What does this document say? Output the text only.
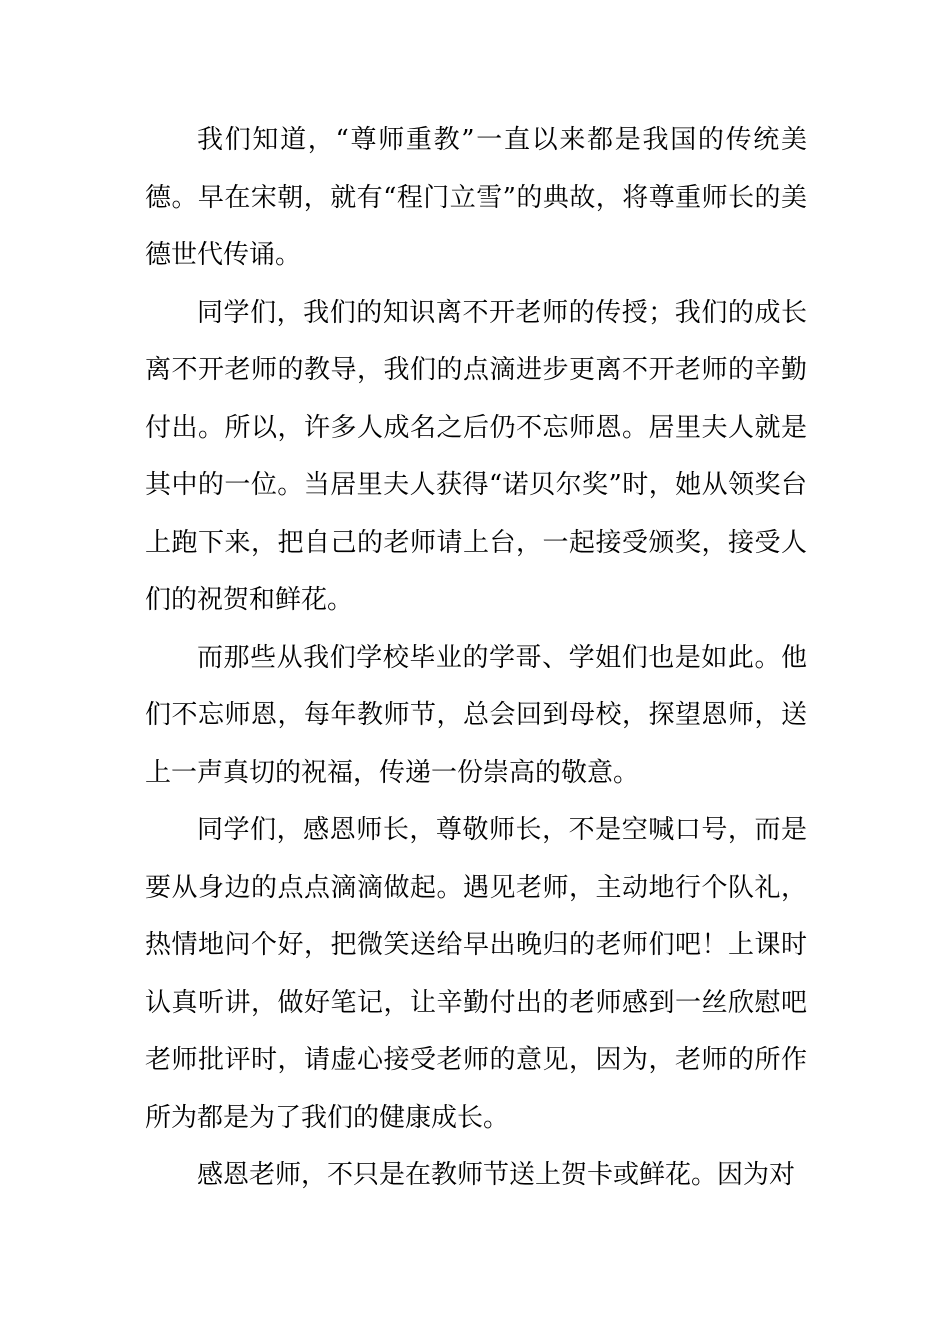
我们知道，“尊师重教”一直以来都是我国的传统美德。早在宋朝，就有“程门立雪”的典故，将尊重师长的美德世代传诵。

同学们，我们的知识离不开老师的传授；我们的成长离不开老师的教导，我们的点滴进步更离不开老师的辛勤付出。所以，许多人成名之后仍不忘师恩。居里夫人就是其中的一位。当居里夫人获得“诺贝尔奖”时，她从领奖台上跑下来，把自己的老师请上台，一起接受颁奖，接受人们的祝贺和鲜花。

而那些从我们学校毕业的学哥、学姐们也是如此。他们不忘师恩，每年教师节，总会回到母校，探望恩师，送上一声真切的祝福，传递一份崇高的敬意。

同学们，感恩师长，尊敬师长，不是空喊口号，而是要从身边的点点滴滴做起。遇见老师，主动地行个队礼，热情地问个好，把微笑送给早出晚归的老师们吧！上课时认真听讲，做好笔记，让辛勤付出的老师感到一丝欣慰吧老师批评时，请虚心接受老师的意见，因为，老师的所作所为都是为了我们的健康成长。

感恩老师，不只是在教师节送上贺卡或鲜花。因为对
